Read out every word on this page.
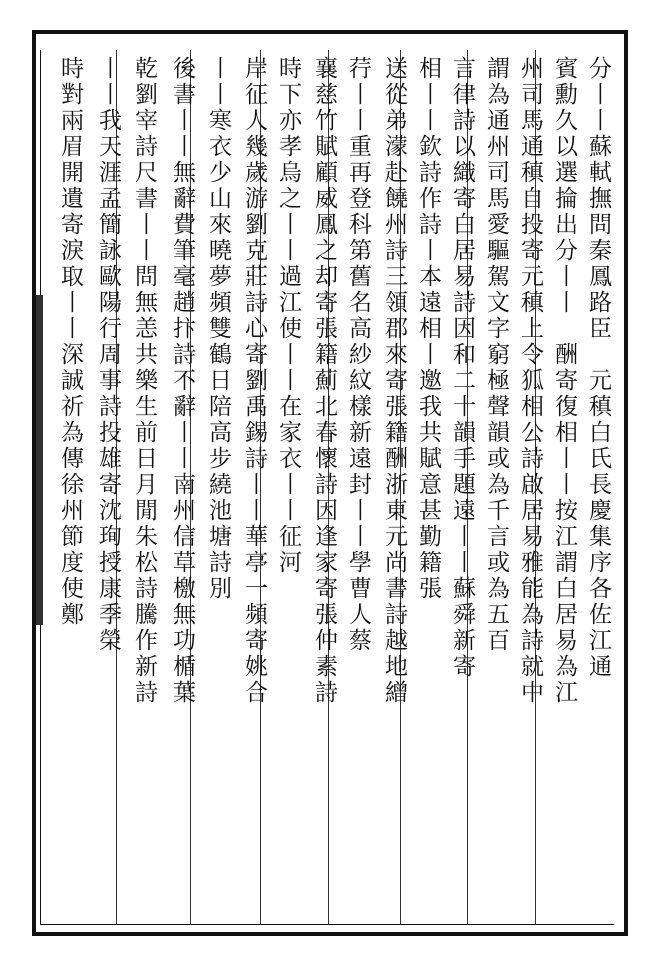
分丨丨蘇軾撫問秦鳳路臣　元稹白氏長慶集序各佐江通
賓勳久以選掄出分丨丨　酬寄復相丨丨按江謂白居易為江
州司馬通稹自投寄元稹上令狐相公詩啟居易雅能為詩就中
謂為通州司馬愛驅駕文字窮極聲韻或為千言或為五百
言律詩以織寄白居易詩因和二十韻手題遠丨丨蘇舜新寄
相丨丨欽詩作詩丨本遠相丨邀我共賦意甚勤籍張
送從弟濛赴饒州詩三領郡來寄張籍酬浙東元尚書詩越地繒
荇丨丨重再登科第舊名高紗紋樣新遠封丨丨學曹人蔡
襄慈竹賦顧威鳳之却寄張籍薊北春懷詩因逢家寄張仲素詩
時下亦孝烏之丨丨過江使丨丨在家衣丨丨征河
岸征人幾歲游劉克莊詩心寄劉禹錫詩丨丨華亭一頻寄姚合
丨丨寒衣少山來曉夢頻雙鶴日陪高步繞池塘詩別
後書丨丨無辭費筆毫趙抃詩不辭丨丨南州信草檄無功楯葉
乾劉宰詩尺書丨丨問無恙共樂生前日月閒朱松詩騰作新詩
丨丨我天涯孟簡詠歐陽行周事詩投雄寄沈珣授康季榮
時對兩眉開遺寄淚取丨丨深誠祈為傳徐州節度使鄭
